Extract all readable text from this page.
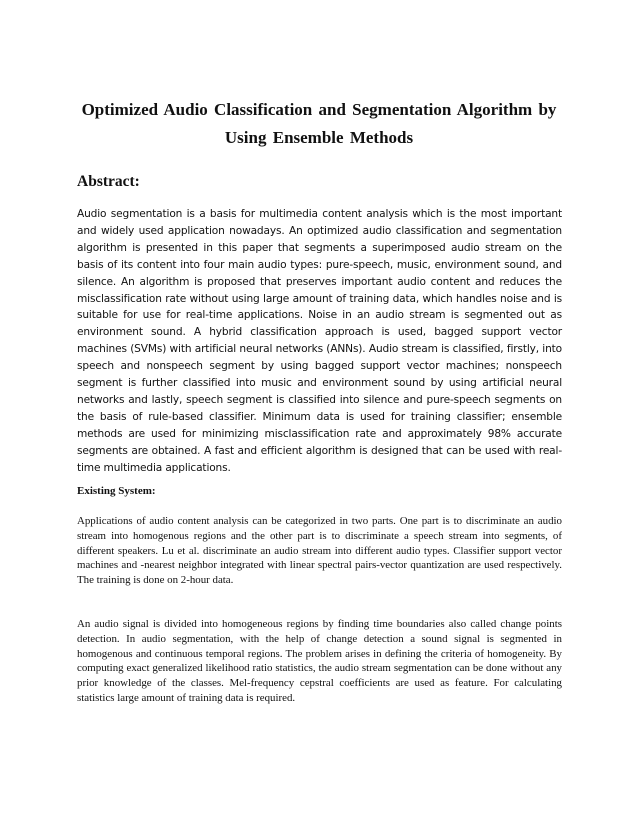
Optimized Audio Classification and Segmentation Algorithm by
Using Ensemble Methods
Abstract:

Audio segmentation is a basis for multimedia content analysis which is the most important and widely used application nowadays. An optimized audio classification and segmentation algorithm is presented in this paper that segments a superimposed audio stream on the basis of its content into four main audio types: pure-speech, music, environment sound, and silence. An algorithm is proposed that preserves important audio content and reduces the misclassification rate without using large amount of training data, which handles noise and is suitable for use for real-time applications. Noise in an audio stream is segmented out as environment sound. A hybrid classification approach is used, bagged support vector machines (SVMs) with artificial neural networks (ANNs). Audio stream is classified, firstly, into speech and nonspeech segment by using bagged support vector machines; nonspeech segment is further classified into music and environment sound by using artificial neural networks and lastly, speech segment is classified into silence and pure-speech segments on the basis of rule-based classifier. Minimum data is used for training classifier; ensemble methods are used for minimizing misclassification rate and approximately 98% accurate segments are obtained. A fast and efficient algorithm is designed that can be used with real-time multimedia applications.

Existing System:

Applications of audio content analysis can be categorized in two parts. One part is to discriminate an audio stream into homogenous regions and the other part is to discriminate a speech stream into segments, of different speakers. Lu et al. discriminate an audio stream into different audio types. Classifier support vector machines and -nearest neighbor integrated with linear spectral pairs-vector quantization are used respectively. The training is done on 2-hour data.

An audio signal is divided into homogeneous regions by finding time boundaries also called change points detection. In audio segmentation, with the help of change detection a sound signal is segmented in homogenous and continuous temporal regions. The problem arises in defining the criteria of homogeneity. By computing exact generalized likelihood ratio statistics, the audio stream segmentation can be done without any prior knowledge of the classes. Mel-frequency cepstral coefficients are used as feature. For calculating statistics large amount of training data is required.
